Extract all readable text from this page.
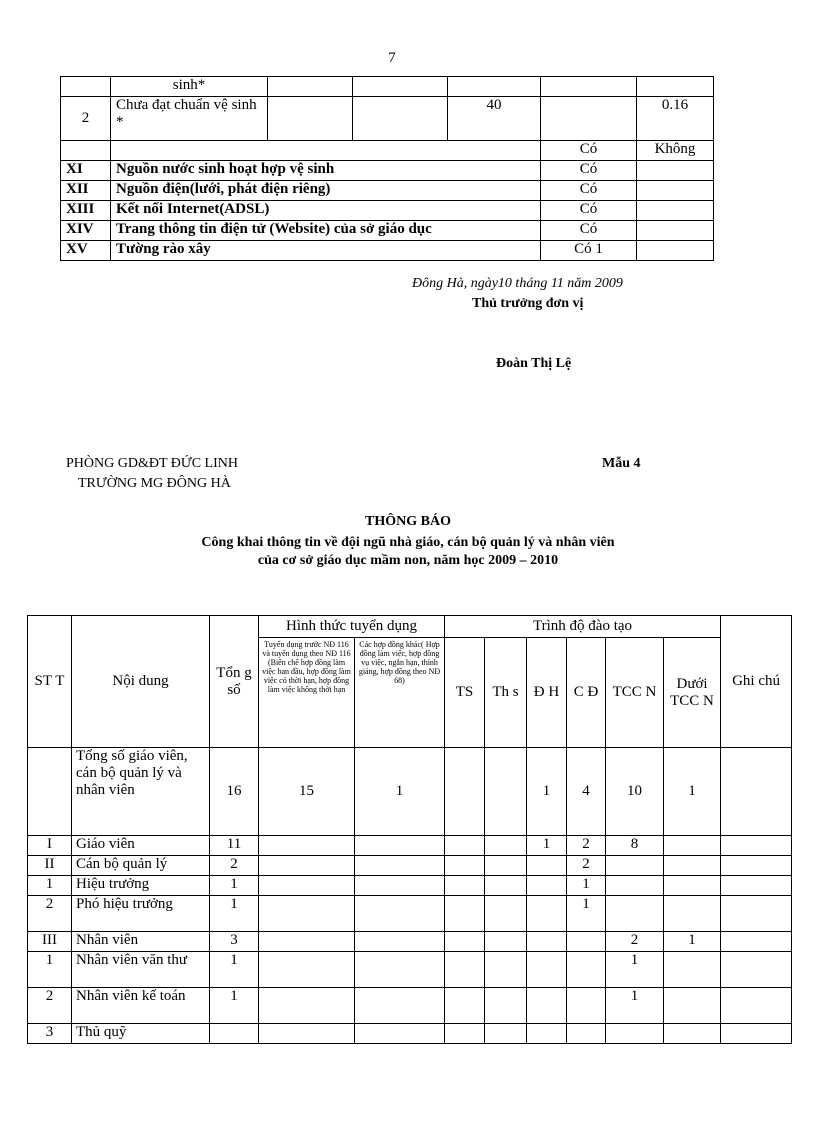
7
	sinh*					
2	Chưa đạt chuẩn vệ sinh *			40		0.16
					Có	Không
XI	Nguồn nước sinh hoạt hợp vệ sinh				Có	
XII	Nguồn điện(lưới, phát điện riêng)				Có	
XIII	Kết nối Internet(ADSL)				Có	
XIV	Trang thông tin điện tử (Website) của sở giáo dục				Có	
XV	Tường rào xây				Có 1	
Đông Hà, ngày10 tháng 11 năm 2009
Thủ trưởng đơn vị
Đoàn Thị Lệ
PHÒNG GD&ĐT ĐỨC LINH
TRƯỜNG MG ĐÔNG HÀ
Mẫu 4
THÔNG BÁO
Công khai thông tin về đội ngũ nhà giáo, cán bộ quản lý và nhân viên
của cơ sở giáo dục mầm non, năm học 2009 – 2010
ST T	Nội dung	Tổn g số	Hình thức tuyển dụng		Trình độ đào tạo						Ghi chú
			Tuyển dụng trước NĐ 116 và tuyển dụng theo NĐ 116 (Biên chế hợp đồng làm việc ban đầu, hợp đồng làm việc có thời hạn, hợp đồng làm việc không thời hạn	Các hợp đồng khác( Hợp đồng làm việc, hợp đồng vụ việc, ngắn hạn, thỉnh giảng, hợp đồng theo NĐ 68)	TS	Th s	Đ H	C Đ	TCC N	Dưới TCC N	
	Tổng số giáo viên, cán bộ quản lý và nhân viên	16	15	1			1	4	10	1	
I	Giáo viên	11					1	2	8		
II	Cán bộ quản lý	2						2			
1	Hiệu trưởng	1						1			
2	Phó hiệu trưởng	1						1			
III	Nhân viên	3							2	1	
1	Nhân viên văn thư	1							1		
2	Nhân viên kế toán	1							1		
3	Thủ quỹ										
